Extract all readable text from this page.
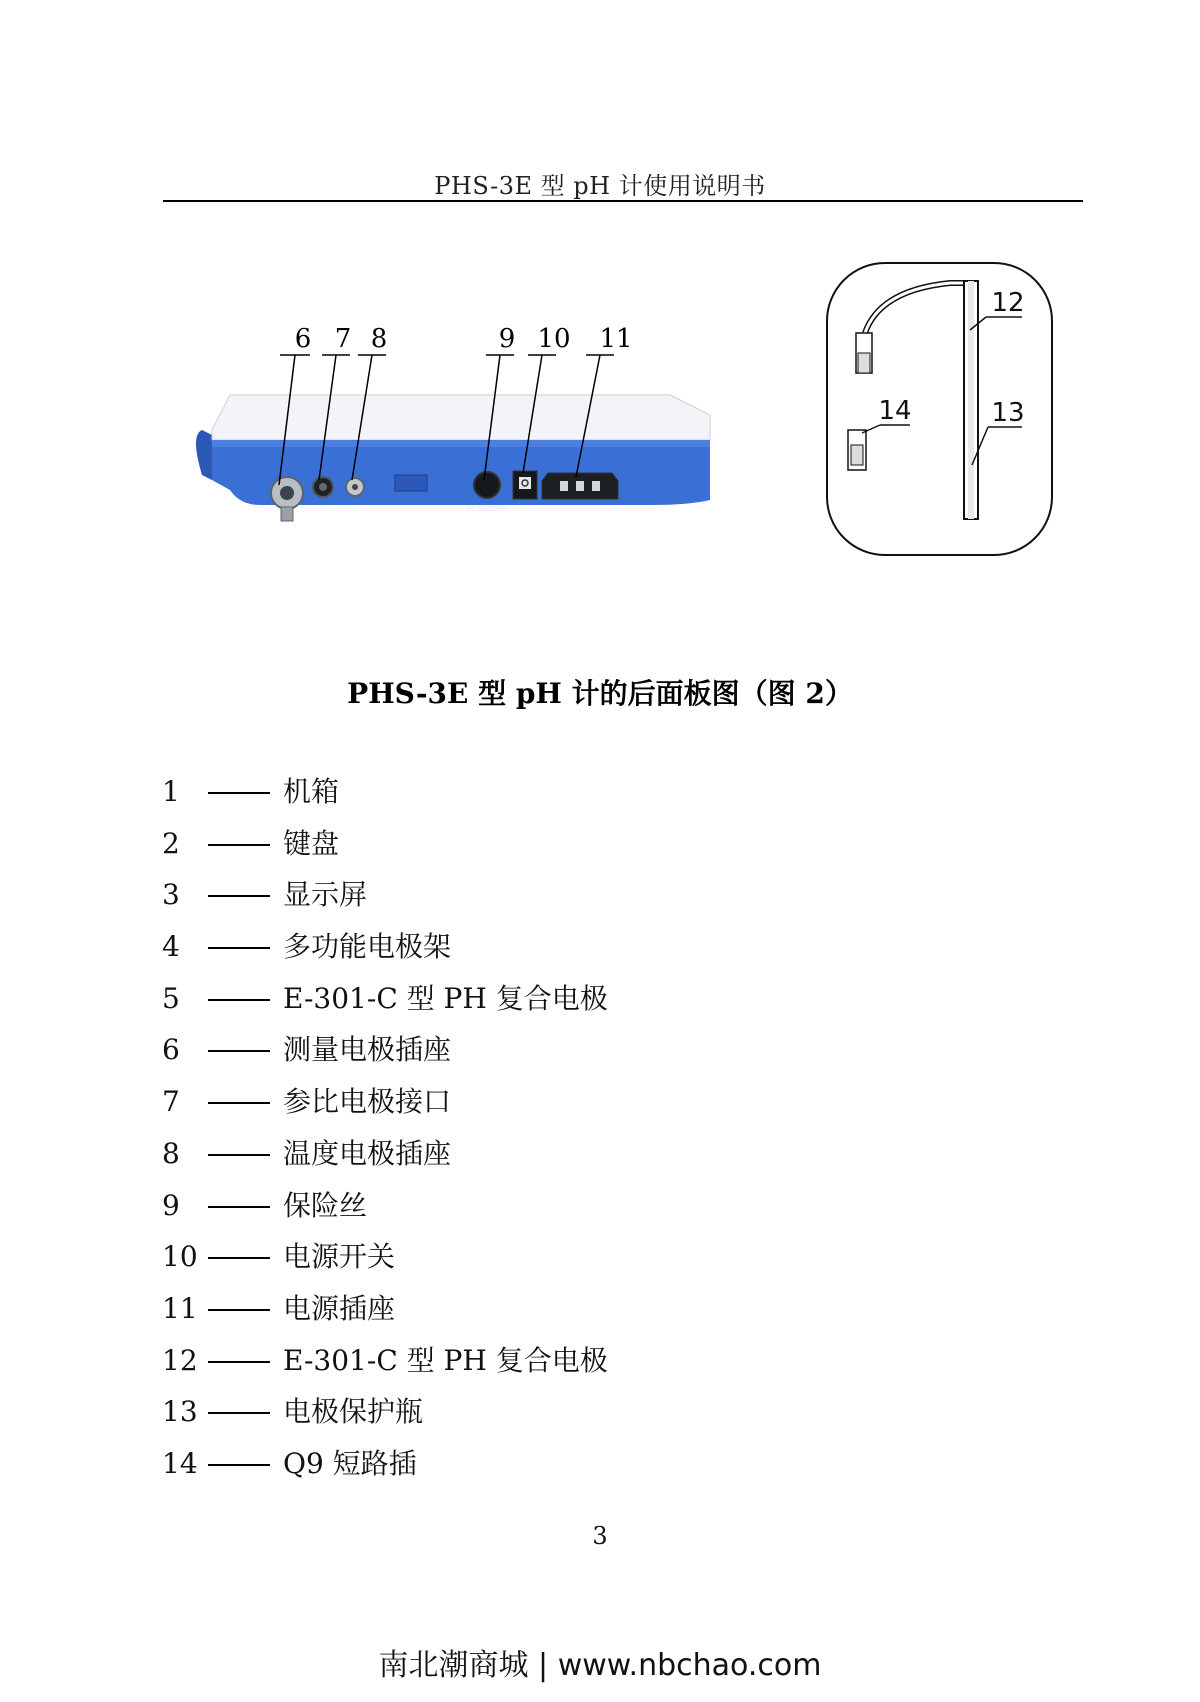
PHS-3E 型 pH 计使用说明书
F0.5A/250V
6 7 8	9 10 11
12
13
14
PHS-3E 型 pH 计的后面板图（图 2）
1	机箱
2	键盘
3	显示屏
4	多功能电极架
5	E-301-C 型 PH 复合电极
6	测量电极插座
7	参比电极接口
8	温度电极插座
9	保险丝
10	电源开关
11	电源插座
12	E-301-C 型 PH 复合电极
13	电极保护瓶
14	Q9 短路插
3
南北潮商城 | www.nbchao.com
